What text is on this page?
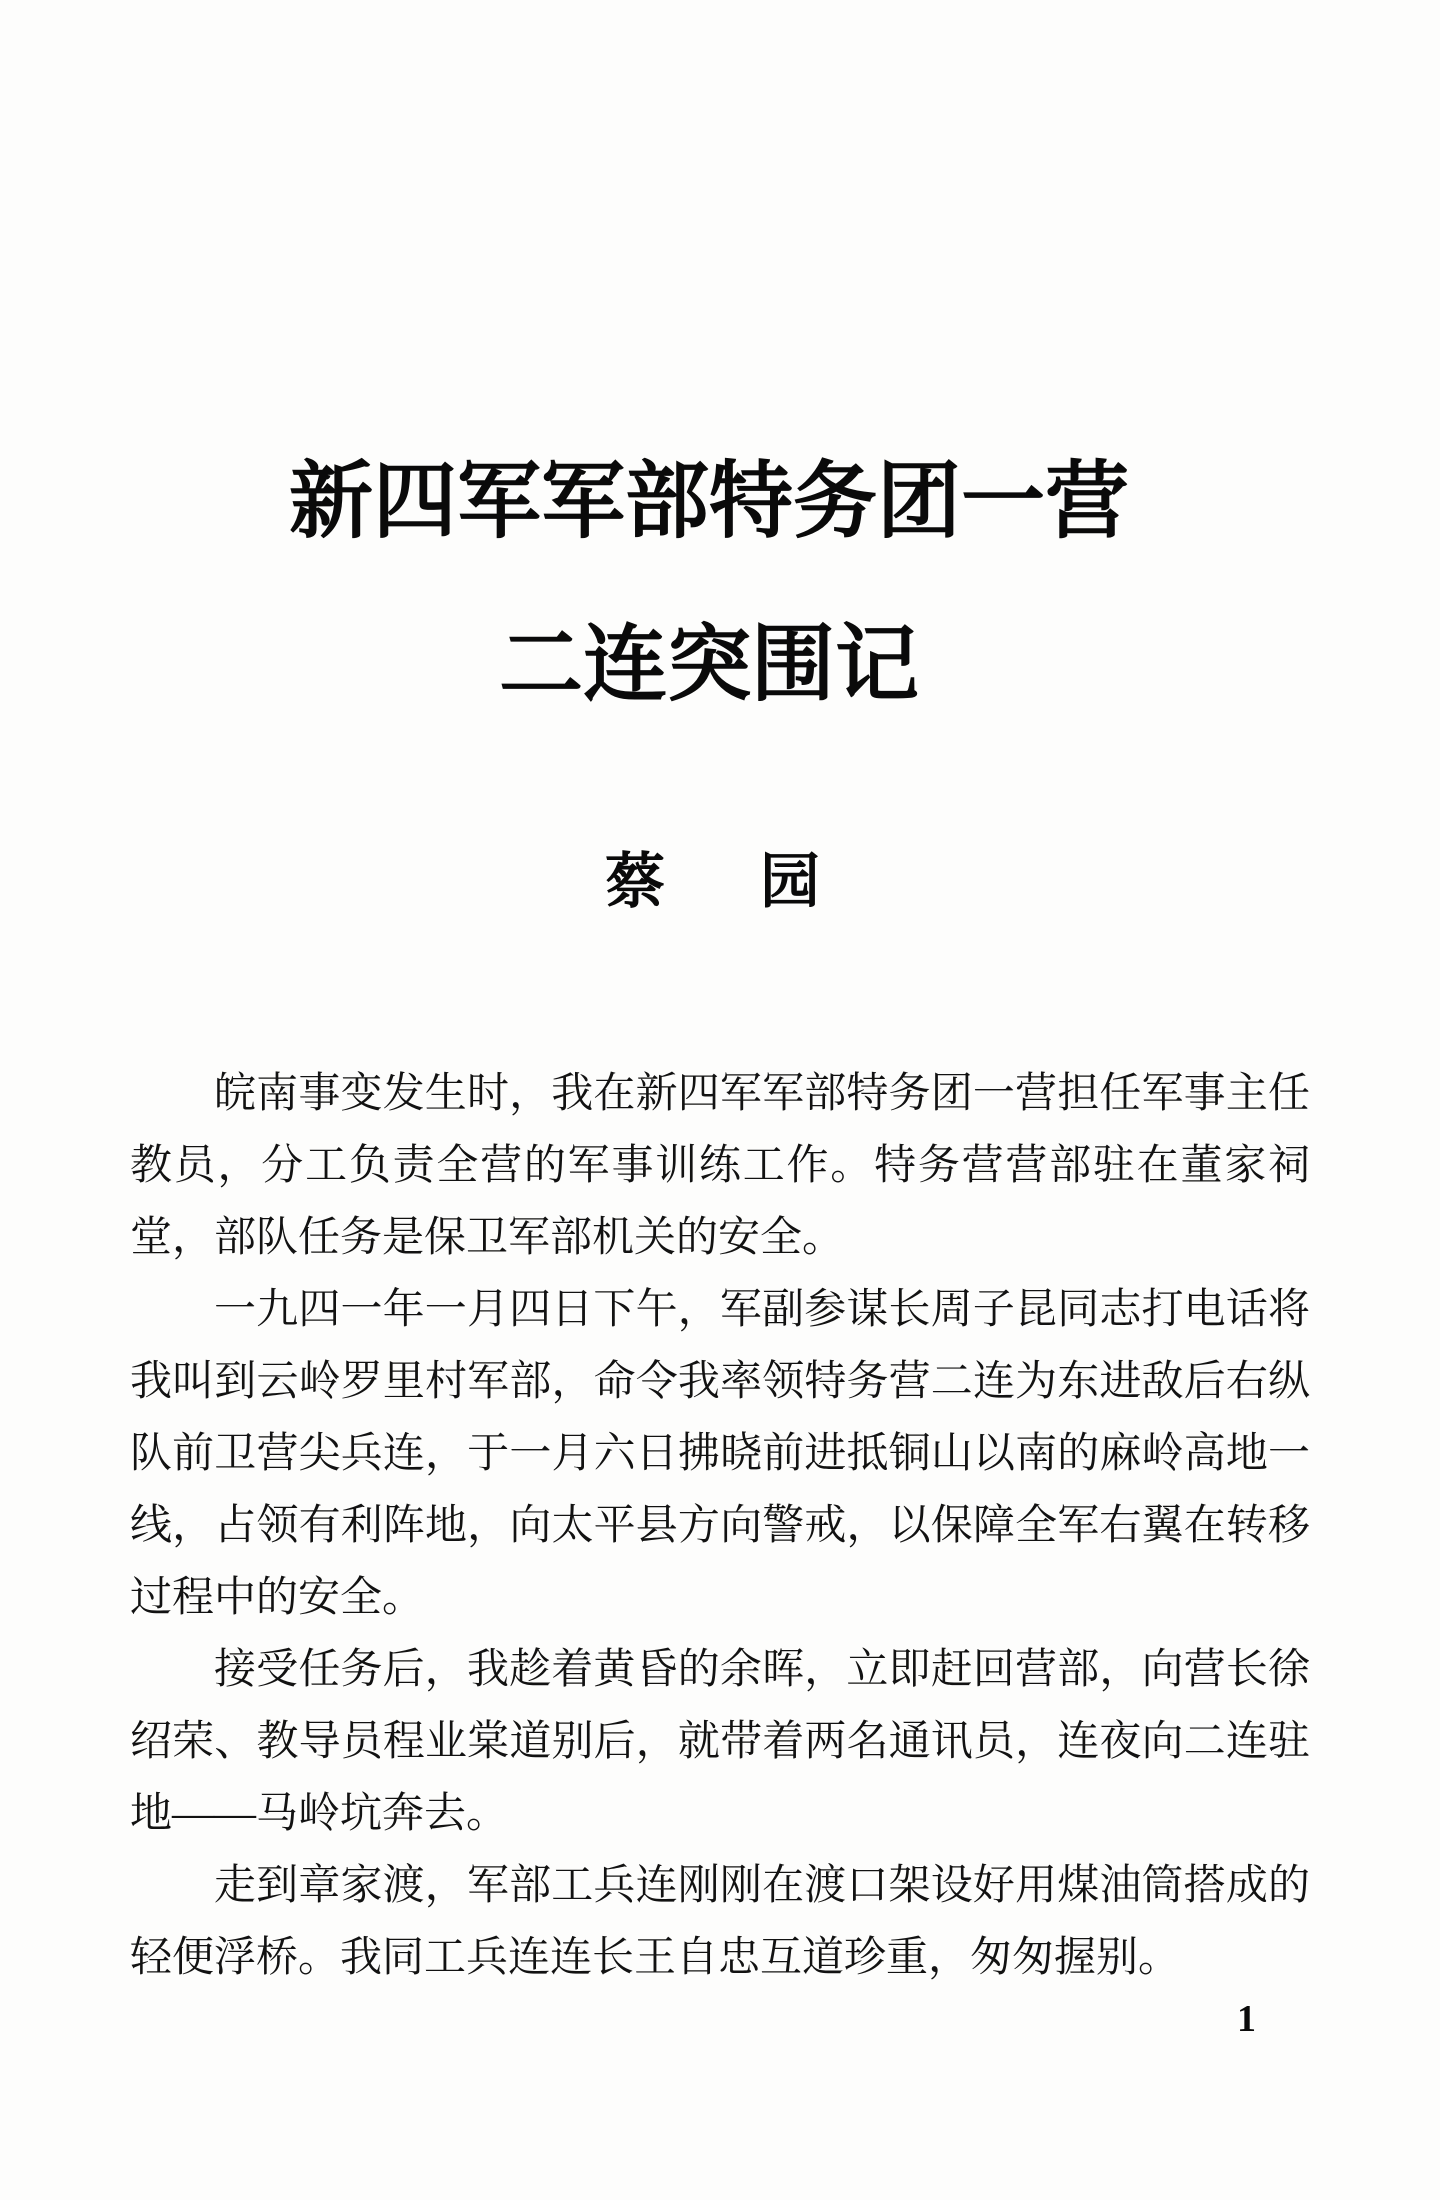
新四军军部特务团一营
二连突围记
蔡 园
皖南事变发生时，我在新四军军部特务团一营担任军事主任
教员，分工负责全营的军事训练工作。特务营营部驻在董家祠
堂，部队任务是保卫军部机关的安全。
一九四一年一月四日下午，军副参谋长周子昆同志打电话将
我叫到云岭罗里村军部，命令我率领特务营二连为东进敌后右纵
队前卫营尖兵连，于一月六日拂晓前进抵铜山以南的麻岭高地一
线，占领有利阵地，向太平县方向警戒，以保障全军右翼在转移
过程中的安全。
接受任务后，我趁着黄昏的余晖，立即赶回营部，向营长徐
绍荣、教导员程业棠道别后，就带着两名通讯员，连夜向二连驻
地——马岭坑奔去。
走到章家渡，军部工兵连刚刚在渡口架设好用煤油筒搭成的
轻便浮桥。我同工兵连连长王自忠互道珍重，匆匆握别。
1
